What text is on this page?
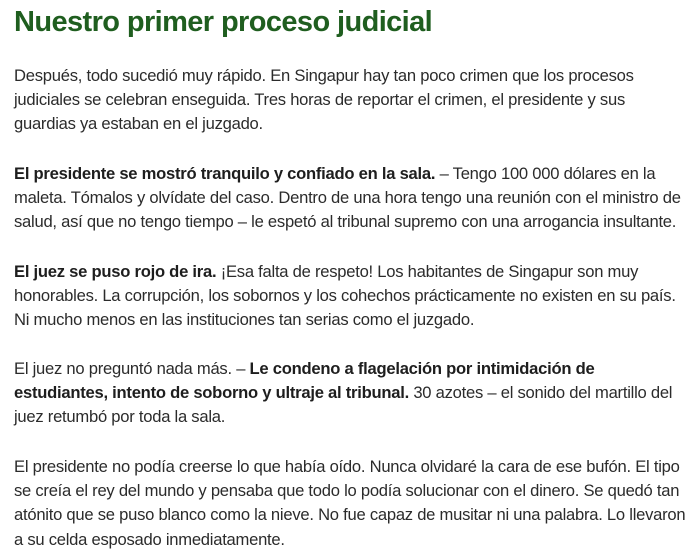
Nuestro primer proceso judicial

Después, todo sucedió muy rápido. En Singapur hay tan poco crimen que los procesos judiciales se celebran enseguida. Tres horas de reportar el crimen, el presidente y sus guardias ya estaban en el juzgado.

El presidente se mostró tranquilo y confiado en la sala. – Tengo 100 000 dólares en la maleta. Tómalos y olvídate del caso. Dentro de una hora tengo una reunión con el ministro de salud, así que no tengo tiempo – le espetó al tribunal supremo con una arrogancia insultante.

El juez se puso rojo de ira. ¡Esa falta de respeto! Los habitantes de Singapur son muy honorables. La corrupción, los sobornos y los cohechos prácticamente no existen en su país. Ni mucho menos en las instituciones tan serias como el juzgado.

El juez no preguntó nada más. – Le condeno a flagelación por intimidación de estudiantes, intento de soborno y ultraje al tribunal. 30 azotes – el sonido del martillo del juez retumbó por toda la sala.

El presidente no podía creerse lo que había oído. Nunca olvidaré la cara de ese bufón. El tipo se creía el rey del mundo y pensaba que todo lo podía solucionar con el dinero. Se quedó tan atónito que se puso blanco como la nieve. No fue capaz de musitar ni una palabra. Lo llevaron a su celda esposado inmediatamente.
